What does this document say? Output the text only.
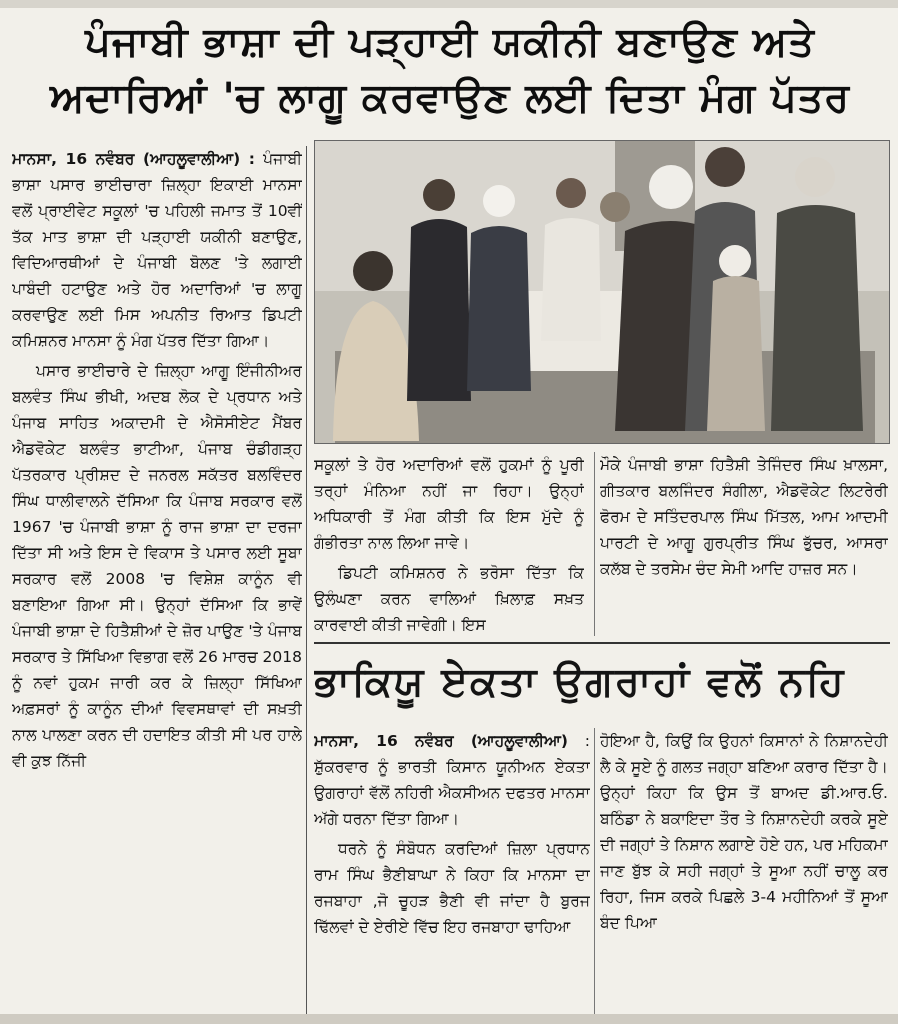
ਪੰਜਾਬੀ ਭਾਸ਼ਾ ਦੀ ਪੜ੍ਹਾਈ ਯਕੀਨੀ ਬਣਾਉਣ ਅਤੇ
ਅਦਾਰਿਆਂ 'ਚ ਲਾਗੂ ਕਰਵਾਉਣ ਲਈ ਦਿਤਾ ਮੰਗ ਪੱਤਰ

ਮਾਨਸਾ, 16 ਨਵੰਬਰ (ਆਹਲੂਵਾਲੀਆ) : ਪੰਜਾਬੀ ਭਾਸ਼ਾ ਪਸਾਰ ਭਾਈਚਾਰਾ ਜ਼ਿਲ੍ਹਾ ਇਕਾਈ ਮਾਨਸਾ ਵਲੋਂ ਪ੍ਰਾਈਵੇਟ ਸਕੂਲਾਂ 'ਚ ਪਹਿਲੀ ਜਮਾਤ ਤੋਂ 10ਵੀਂ ਤੱਕ ਮਾਤ ਭਾਸ਼ਾ ਦੀ ਪੜ੍ਹਾਈ ਯਕੀਨੀ ਬਣਾਉਣ, ਵਿਦਿਆਰਥੀਆਂ ਦੇ ਪੰਜਾਬੀ ਬੋਲਣ 'ਤੇ ਲਗਾਈ ਪਾਬੰਦੀ ਹਟਾਉਣ ਅਤੇ ਹੋਰ ਅਦਾਰਿਆਂ 'ਚ ਲਾਗੂ ਕਰਵਾਉਣ ਲਈ ਮਿਸ ਅਪਨੀਤ ਰਿਆਤ ਡਿਪਟੀ ਕਮਿਸ਼ਨਰ ਮਾਨਸਾ ਨੂੰ ਮੰਗ ਪੱਤਰ ਦਿੱਤਾ ਗਿਆ।

ਪਸਾਰ ਭਾਈਚਾਰੇ ਦੇ ਜ਼ਿਲ੍ਹਾ ਆਗੂ ਇੰਜੀਨੀਅਰ ਬਲਵੰਤ ਸਿੰਘ ਭੀਖੀ, ਅਦਬ ਲੋਕ ਦੇ ਪ੍ਰਧਾਨ ਅਤੇ ਪੰਜਾਬ ਸਾਹਿਤ ਅਕਾਦਮੀ ਦੇ ਐਸੋਸੀਏਟ ਮੈਂਬਰ ਐਡਵੋਕੇਟ ਬਲਵੰਤ ਭਾਟੀਆ, ਪੰਜਾਬ ਚੰਡੀਗੜ੍ਹ ਪੱਤਰਕਾਰ ਪ੍ਰੀਸ਼ਦ ਦੇ ਜਨਰਲ ਸਕੱਤਰ ਬਲਵਿੰਦਰ ਸਿੰਘ ਧਾਲੀਵਾਲਨੇ ਦੱਸਿਆ ਕਿ ਪੰਜਾਬ ਸਰਕਾਰ ਵਲੋਂ 1967 'ਚ ਪੰਜਾਬੀ ਭਾਸ਼ਾ ਨੂੰ ਰਾਜ ਭਾਸ਼ਾ ਦਾ ਦਰਜਾ ਦਿੱਤਾ ਸੀ ਅਤੇ ਇਸ ਦੇ ਵਿਕਾਸ ਤੇ ਪਸਾਰ ਲਈ ਸੂਬਾ ਸਰਕਾਰ ਵਲੋਂ 2008 'ਚ ਵਿਸ਼ੇਸ਼ ਕਾਨੂੰਨ ਵੀ ਬਣਾਇਆ ਗਿਆ ਸੀ। ਉਨ੍ਹਾਂ ਦੱਸਿਆ ਕਿ ਭਾਵੇਂ ਪੰਜਾਬੀ ਭਾਸ਼ਾ ਦੇ ਹਿਤੈਸ਼ੀਆਂ ਦੇ ਜ਼ੋਰ ਪਾਉਣ 'ਤੇ ਪੰਜਾਬ ਸਰਕਾਰ ਤੇ ਸਿੱਖਿਆ ਵਿਭਾਗ ਵਲੋਂ 26 ਮਾਰਚ 2018 ਨੂੰ ਨਵਾਂ ਹੁਕਮ ਜਾਰੀ ਕਰ ਕੇ ਜ਼ਿਲ੍ਹਾ ਸਿੱਖਿਆ ਅਫ਼ਸਰਾਂ ਨੂੰ ਕਾਨੂੰਨ ਦੀਆਂ ਵਿਵਸਥਾਵਾਂ ਦੀ ਸਖ਼ਤੀ ਨਾਲ ਪਾਲਣਾ ਕਰਨ ਦੀ ਹਦਾਇਤ ਕੀਤੀ ਸੀ ਪਰ ਹਾਲੇ ਵੀ ਕੁਝ ਨਿੱਜੀ

ਸਕੂਲਾਂ ਤੇ ਹੋਰ ਅਦਾਰਿਆਂ ਵਲੋਂ ਹੁਕਮਾਂ ਨੂੰ ਪੂਰੀ ਤਰ੍ਹਾਂ ਮੰਨਿਆ ਨਹੀਂ ਜਾ ਰਿਹਾ। ਉਨ੍ਹਾਂ ਅਧਿਕਾਰੀ ਤੋਂ ਮੰਗ ਕੀਤੀ ਕਿ ਇਸ ਮੁੱਦੇ ਨੂੰ ਗੰਭੀਰਤਾ ਨਾਲ ਲਿਆ ਜਾਵੇ।

ਡਿਪਟੀ ਕਮਿਸ਼ਨਰ ਨੇ ਭਰੋਸਾ ਦਿੱਤਾ ਕਿ ਉਲੰਘਣਾ ਕਰਨ ਵਾਲਿਆਂ ਖ਼ਿਲਾਫ਼ ਸਖ਼ਤ ਕਾਰਵਾਈ ਕੀਤੀ ਜਾਵੇਗੀ। ਇਸ

ਮੌਕੇ ਪੰਜਾਬੀ ਭਾਸ਼ਾ ਹਿਤੈਸ਼ੀ ਤੇਜਿੰਦਰ ਸਿੰਘ ਖ਼ਾਲਸਾ, ਗੀਤਕਾਰ ਬਲਜਿੰਦਰ ਸੰਗੀਲਾ, ਐਡਵੋਕੇਟ ਲਿਟਰੇਰੀ ਫੋਰਮ ਦੇ ਸਤਿੰਦਰਪਾਲ ਸਿੰਘ ਮਿੱਤਲ, ਆਮ ਆਦਮੀ ਪਾਰਟੀ ਦੇ ਆਗੂ ਗੁਰਪ੍ਰੀਤ ਸਿੰਘ ਭੁੱਚਰ, ਆਸਰਾ ਕਲੱਬ ਦੇ ਤਰਸੇਮ ਚੰਦ ਸੇਮੀ ਆਦਿ ਹਾਜ਼ਰ ਸਨ।

ਭਾਕਿਯੂ ਏਕਤਾ ਉਗਰਾਹਾਂ ਵਲੋਂ ਨਹਿ

ਮਾਨਸਾ, 16 ਨਵੰਬਰ (ਆਹਲੂਵਾਲੀਆ) : ਸ਼ੁੱਕਰਵਾਰ ਨੂੰ ਭਾਰਤੀ ਕਿਸਾਨ ਯੂਨੀਅਨ ਏਕਤਾ ਉਗਰਾਹਾਂ ਵੱਲੋਂ ਨਹਿਰੀ ਐਕਸੀਅਨ ਦਫਤਰ ਮਾਨਸਾ ਅੱਗੇ ਧਰਨਾ ਦਿੱਤਾ ਗਿਆ।

ਧਰਨੇ ਨੂੰ ਸੰਬੋਧਨ ਕਰਦਿਆਂ ਜ਼ਿਲਾ ਪ੍ਰਧਾਨ ਰਾਮ ਸਿੰਘ ਭੈਣੀਬਾਘਾ ਨੇ ਕਿਹਾ ਕਿ ਮਾਨਸਾ ਦਾ ਰਜਬਾਹਾ ,ਜੋ ਚੂਹੜ ਭੈਣੀ ਵੀ ਜਾਂਦਾ ਹੈ ਬੁਰਜ ਢਿੱਲਵਾਂ ਦੇ ਏਰੀਏ ਵਿੱਚ ਇਹ ਰਜਬਾਹਾ ਢਾਹਿਆ

ਹੋਇਆ ਹੈ, ਕਿਉਂ ਕਿ ਉਹਨਾਂ ਕਿਸਾਨਾਂ ਨੇ ਨਿਸ਼ਾਨਦੇਹੀ ਲੈ ਕੇ ਸੂਏ ਨੂੰ ਗਲਤ ਜਗ੍ਹਾ ਬਣਿਆ ਕਰਾਰ ਦਿੱਤਾ ਹੈ। ਉਨ੍ਹਾਂ ਕਿਹਾ ਕਿ ਉਸ ਤੋਂ ਬਾਅਦ ਡੀ.ਆਰ.ਓ. ਬਠਿੰਡਾ ਨੇ ਬਕਾਇਦਾ ਤੌਰ ਤੇ ਨਿਸ਼ਾਨਦੇਹੀ ਕਰਕੇ ਸੂਏ ਦੀ ਜਗ੍ਹਾਂ ਤੇ ਨਿਸ਼ਾਨ ਲਗਾਏ ਹੋਏ ਹਨ, ਪਰ ਮਹਿਕਮਾ ਜਾਣ ਬੁੱਝ ਕੇ ਸਹੀ ਜਗ੍ਹਾਂ ਤੇ ਸੂਆ ਨਹੀਂ ਚਾਲੂ ਕਰ ਰਿਹਾ, ਜਿਸ ਕਰਕੇ ਪਿਛਲੇ 3-4 ਮਹੀਨਿਆਂ ਤੋਂ ਸੂਆ ਬੰਦ ਪਿਆ
